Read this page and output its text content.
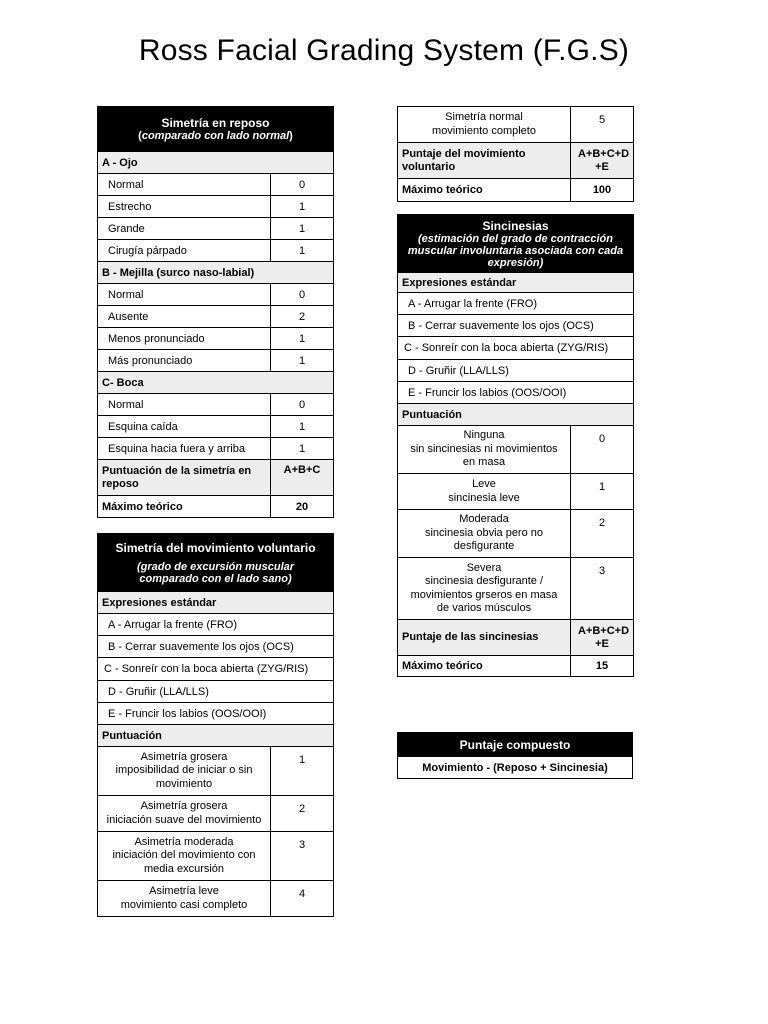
Ross Facial Grading System (F.G.S)
Simetría en reposo
(comparado con lado normal)	

A - Ojo	
Normal	0
Estrecho	1
Grande	1
Cirugía párpado	1
B - Mejilla (surco naso-labial)	
Normal	0
Ausente	2
Menos pronunciado	1
Más pronunciado	1
C- Boca	
Normal	0
Esquina caída	1
Esquina hacia fuera y arriba	1
Puntuación de la simetría en reposo	A+B+C
Máximo teórico	20
Simetría del movimiento voluntario
(grado de excursión muscular
comparado con el lado sano)	

Expresiones estándar	
A - Arrugar la frente (FRO)	
B - Cerrar suavemente los ojos (OCS)	
C - Sonreír con la boca abierta (ZYG/RIS)	
D - Gruñir (LLA/LLS)	
E - Fruncir los labios (OOS/OOI)	
Puntuación	

Asimetría grosera
imposibilidad de iniciar o sin
movimiento	1

Asimetría grosera
iniciación suave del movimiento	2

Asimetría moderada
iniciación del movimiento con
media excursión	3

Asimetría leve
movimiento casi completo	4
Simetría normal
movimiento completo	5
Puntaje del movimiento voluntario	A+B+C+D +E
Máximo teórico	100
Sincinesias
(estimación del grado de contracción
muscular involuntaria asociada con cada
expresión)	

Expresiones estándar	
A - Arrugar la frente (FRO)	
B - Cerrar suavemente los ojos (OCS)	
C - Sonreír con la boca abierta (ZYG/RIS)	
D - Gruñir (LLA/LLS)	
E - Fruncir los labios (OOS/OOI)	
Puntuación	

Ninguna
sin sincinesias ni movimientos
en masa	0

Leve
sincinesia leve	1

Moderada
sincinesia obvia pero no
desfigurante	2

Severa
sincinesia desfigurante /
movimientos grseros en masa
de varios músculos	3
Puntaje de las sincinesias	A+B+C+D +E
Máximo teórico	15
Puntaje compuesto

Movimiento - (Reposo + Sincinesia)
